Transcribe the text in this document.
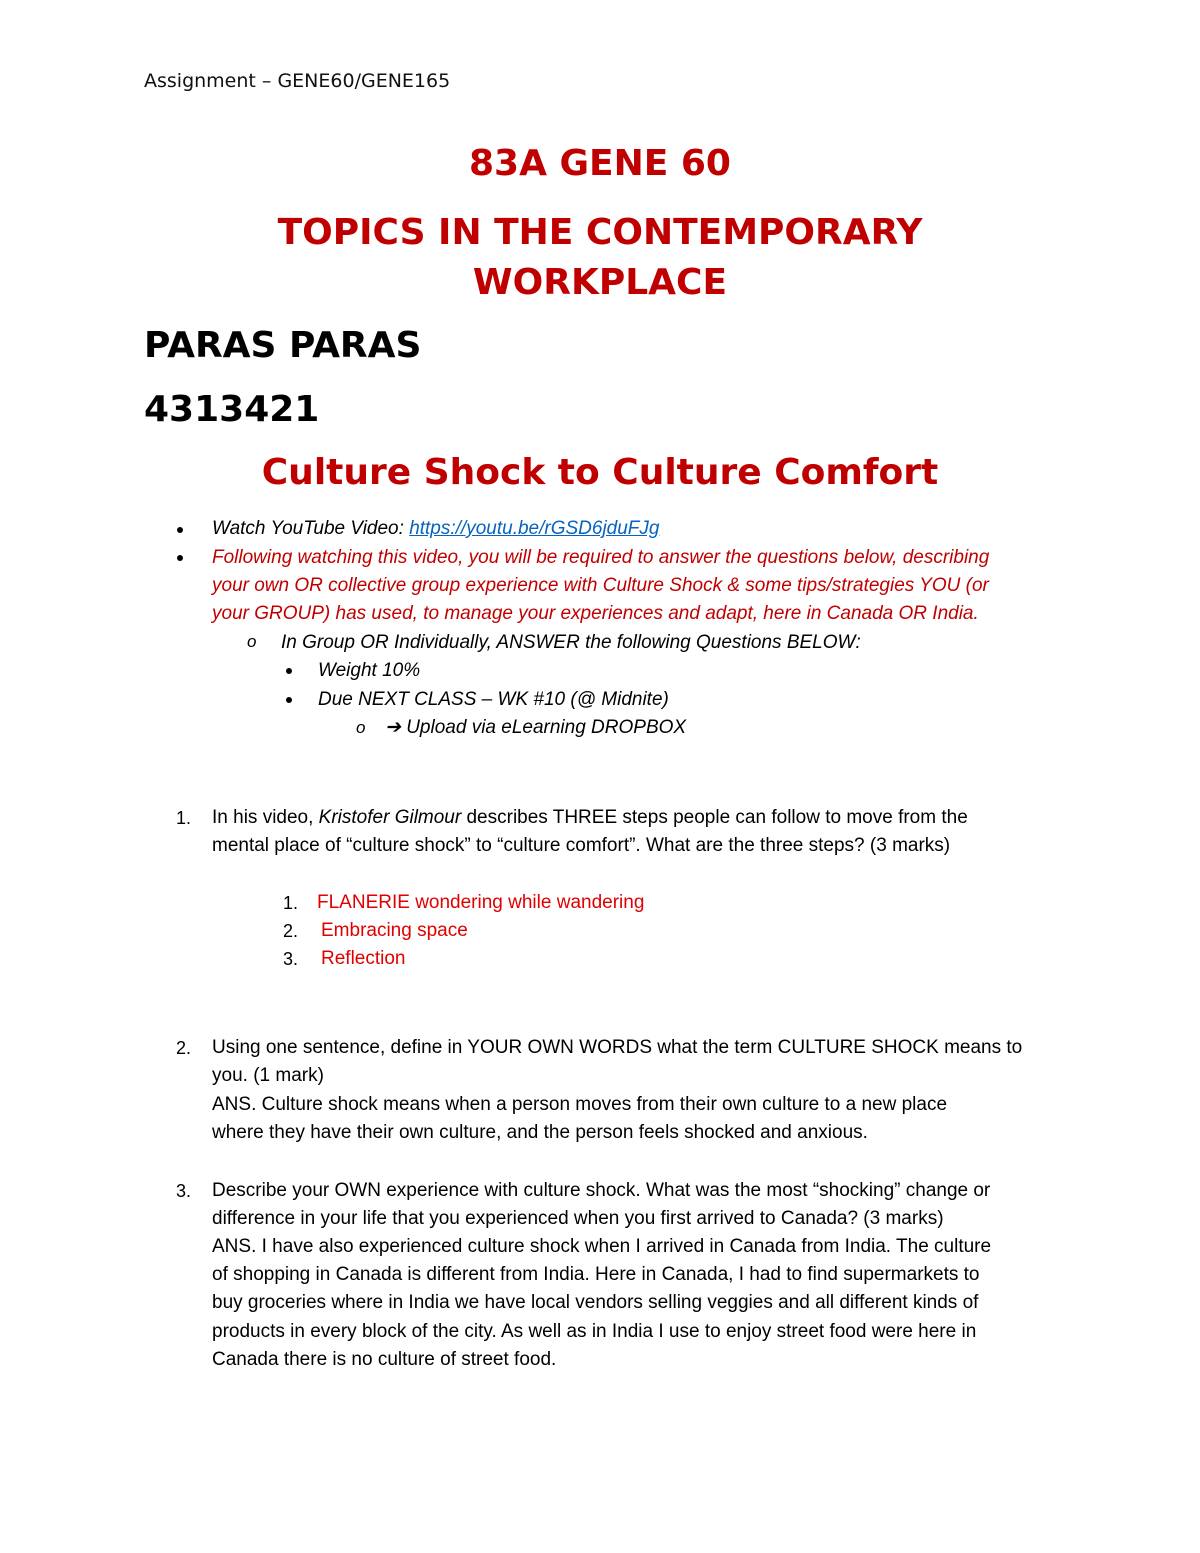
Assignment – GENE60/GENE165
83A GENE 60
TOPICS IN THE CONTEMPORARY
WORKPLACE
PARAS PARAS
4313421
Culture Shock to Culture Comfort
Watch YouTube Video: https://youtu.be/rGSD6jduFJg
Following watching this video, you will be required to answer the questions below, describing
your own OR collective group experience with Culture Shock & some tips/strategies YOU (or
your GROUP) has used, to manage your experiences and adapt, here in Canada OR India.
o In Group OR Individually, ANSWER the following Questions BELOW:
Weight 10%
Due NEXT CLASS – WK #10 (@ Midnite)
o ➔ Upload via eLearning DROPBOX
1. In his video, Kristofer Gilmour describes THREE steps people can follow to move from the
mental place of “culture shock” to “culture comfort”. What are the three steps? (3 marks)
1. FLANERIE wondering while wandering
2. Embracing space
3. Reflection
2. Using one sentence, define in YOUR OWN WORDS what the term CULTURE SHOCK means to
you. (1 mark)
ANS. Culture shock means when a person moves from their own culture to a new place
where they have their own culture, and the person feels shocked and anxious.
3. Describe your OWN experience with culture shock. What was the most “shocking” change or
difference in your life that you experienced when you first arrived to Canada? (3 marks)
ANS. I have also experienced culture shock when I arrived in Canada from India. The culture
of shopping in Canada is different from India. Here in Canada, I had to find supermarkets to
buy groceries where in India we have local vendors selling veggies and all different kinds of
products in every block of the city. As well as in India I use to enjoy street food were here in
Canada there is no culture of street food.
